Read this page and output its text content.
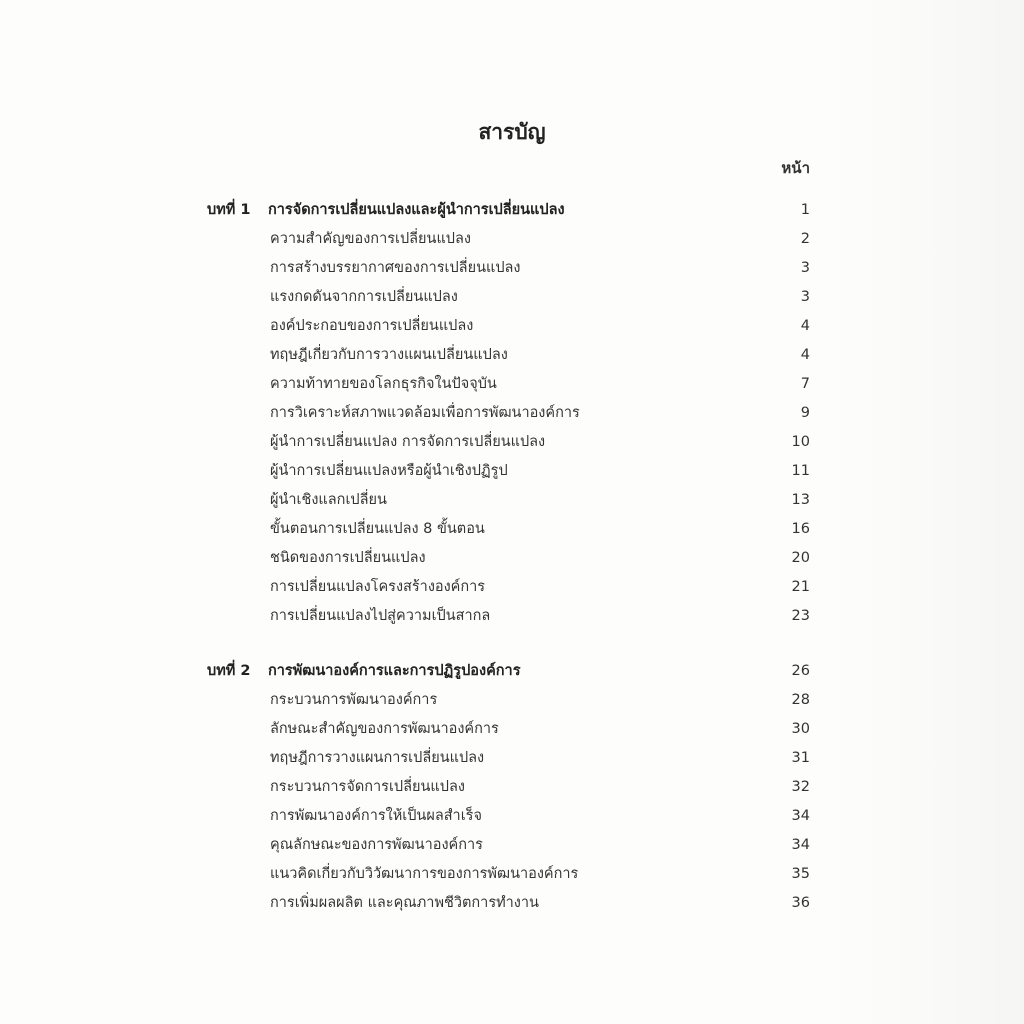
สารบัญ
หน้า
บทที่ 1 การจัดการเปลี่ยนแปลงและผู้นำการเปลี่ยนแปลง	1
ความสำคัญของการเปลี่ยนแปลง	2
การสร้างบรรยากาศของการเปลี่ยนแปลง	3
แรงกดดันจากการเปลี่ยนแปลง	3
องค์ประกอบของการเปลี่ยนแปลง	4
ทฤษฎีเกี่ยวกับการวางแผนเปลี่ยนแปลง	4
ความท้าทายของโลกธุรกิจในปัจจุบัน	7
การวิเคราะห์สภาพแวดล้อมเพื่อการพัฒนาองค์การ	9
ผู้นำการเปลี่ยนแปลง การจัดการเปลี่ยนแปลง	10
ผู้นำการเปลี่ยนแปลงหรือผู้นำเชิงปฏิรูป	11
ผู้นำเชิงแลกเปลี่ยน	13
ขั้นตอนการเปลี่ยนแปลง 8 ขั้นตอน	16
ชนิดของการเปลี่ยนแปลง	20
การเปลี่ยนแปลงโครงสร้างองค์การ	21
การเปลี่ยนแปลงไปสู่ความเป็นสากล	23
บทที่ 2 การพัฒนาองค์การและการปฏิรูปองค์การ	26
กระบวนการพัฒนาองค์การ	28
ลักษณะสำคัญของการพัฒนาองค์การ	30
ทฤษฎีการวางแผนการเปลี่ยนแปลง	31
กระบวนการจัดการเปลี่ยนแปลง	32
การพัฒนาองค์การให้เป็นผลสำเร็จ	34
คุณลักษณะของการพัฒนาองค์การ	34
แนวคิดเกี่ยวกับวิวัฒนาการของการพัฒนาองค์การ	35
การเพิ่มผลผลิต และคุณภาพชีวิตการทำงาน	36
